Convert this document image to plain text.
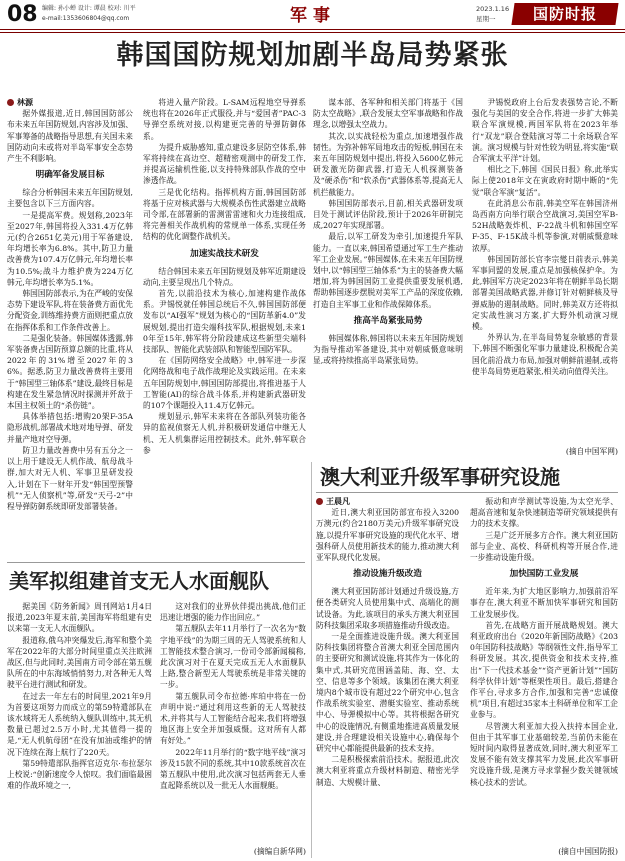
08 编辑: 孙小蝉 设计: 谭晨 校对: 川平
e-mail:1353606804@qq.com	军 事	2023.1.16
星期一	国防时报
韩国国防规划加剧半岛局势紧张

林源

据外媒报道,近日,韩国国防部公布未来五年国防规划,内容涉及加强、军事筹备的战略指导思想,有关国未来国防动向未或将对半岛军事安全态势产生不利影响。

明确军备发展目标

综合分析韩国未来五年国防规划,主要包含以下三方面内容。

一是提高军费。规划称,2023年至2027年,韩国将投入331.4万亿韩元(约合2651亿美元)用于军备建设,年均增长率为6.8%。其中,防卫力量改善费为107.4万亿韩元,年均增长率为10.5%;战斗力维护费为224万亿韩元,年均增长率为5.1%。

韩国国防部表示,为在严峻的安保态势下建设军队,将在装备费方面优先分配资金,训练维持费方面则把重点放在指挥体系和工作条件改善上。

二是强化装备。韩国媒体透露,韩军装备费占国防预算总额的比重,将从2022年的31%增至2027年的36%。据悉,防卫力量改善费将主要用于“韩国型三轴体系”建设,最终目标是构建在发生紧急情况时探测并歼敌于本国主权领土的“杀伤链”。

具体举措包括:增购20架F-35A隐形战机,部署战术地对地导弹、研发并量产地对空导弹。

防卫力量改善费中另有五分之一以上用于建设无人机作战、航母战斗群,加大对无人机、军事卫星研发投入,计划在下一财年开发“韩国型预警机”“无人侦察机”等,研发“天弓-2”中程导弹防御系统即研发部署装备。

将进入量产阶段。L-SAM远程地空导弹系统也将在2026年正式服役,并与“爱国者”PAC-3导弹空系统对接,以构建更完善的导弹防御体系。

为提升威胁感知,重点建设多层防空体系,韩军将持续在高边空、超精密观测中的研发工作,并提高运输机性能,以支持特殊部队作战的空中渗透作战。

三是优化结构。指挥机构方面,韩国国防部将基于应对核武器与大规模杀伤性武器建立战略司令部,在部署新的雷测雷雷速和火力连接组成,将完善相关作战机构的常规单一体系,实现任务结构的优化调整作战机关。

加速实战技术研发

结合韩国未来五年国防规划及韩军近期建设动向,主要呈现出几个特点。

首先,以前沿技术为核心,加速构建作战体系。尹锡悦就任韩国总统后不久,韩国国防部便发布以“AI强军”规划为核心的“国防革新4.0”发展规划,提出打造尖端科技军队,根据规划,未来10年至15年,韩军将分阶段建成这些新型尖端科技部队、智能化武装部队和智能型国防军队。

在《国防网络安全战略》中,韩军进一步深化网络战和电子战作战理论及实践运用。在未来五年国防规划中,韩国国防部提出,将推进基于人工智能(AI)的综合战斗体系,并构建新武器研发的107个课题投入11.4万亿韩元。

规划显示,韩军未来将在各部队列装功能各异的监视侦察无人机,并积极研发通信中继无人机、无人机集群运用控制技术。此外,韩军联合参

谋本部、各军种和相关部门将基于《国防太空战略》,联合发展太空军事战略和作战理念,以增强太空战力。

其次,以实战轻松为重点,加速增强作战韧性。为弥补韩军局地攻击的短板,韩国在未来五年国防规划中提出,将投入5600亿韩元研发激光防御武器,打造无人机探测装备及“硬杀伤”和“软杀伤”武器体系等,提高无人机拦截能力。

韩国国防部表示,目前,相关武器研发项目处于测试评估阶段,预计于2026年研制完成,2027年实现部署。

最后,以军工研发为牵引,加速提升军队能力。一直以来,韩国希望通过军工生产推动军工企业发展。”韩国媒体,在未来五年国防规划中,以“韩国型三轴体系”为主的装备费大幅增加,将为韩国国防工业提供重要发展机遇,帮助韩国逐步摆脱对美军工产品的深度依赖,打造自主军事工业和作战保障体系。

推高半岛紧张局势

韩国媒体称,韩国将以未来五年国防规划为指导推动军备建设,其中对朝威慑意味明显,或将持续推高半岛紧张局势。

尹锡悦政府上台后发表强势言论,不断强化与美国的安全合作,将进一步扩大韩美联合军演规模,两国军队将在2023年举行“双龙”联合登陆演习等二十余场联合军演。演习规模与针对性较为明显,将实施“联合军演太平洋”计划。

相比之下,韩国《国民日报》称,此举实际上使2018年文在寅政府时期中断的“先觉”联合军演“复活”。

在此消息公布前,韩美空军在韩国济州岛西南方向举行联合空战演习,美国空军B-52H战略轰炸机、F-22战斗机和韩国空军F-35、F-15K战斗机等参演,对朝威慑意味浓厚。

韩国国防部长官李宗燮日前表示,韩美军事同盟的发展,重点是加强核保护伞。为此,韩国军方决定2023年将在朝鲜半岛长期部署美国战略武器,并修订针对朝鲜核及导弹威胁的遏制战略。同时,韩美双方还将拟定实战性演习方案,扩大野外机动演习规模。

外界认为,在半岛局势复杂敏感的背景下,韩国不断强化军事力量建设,积极配合美国化前沿战力布局,加强对朝鲜前遏制,或将使半岛局势更趋紧张,相关动向值得关注。

(摘自中国军网)

澳大利亚升级军事研究设施

王晨凡

近日,澳大利亚国防部宣布投入3200万澳元(约合2180万美元)升级军事研究设施,以提升军事研究设施的现代化水平、增强科研人员使用新技术的能力,推动澳大利亚军队现代化发展。

推动设施升级改造

澳大利亚国防部计划通过升级设施,方便各类研究人员使用集中式、高端化的测试设备。为此,该项目的承头方澳大利亚国防科技集团采取多项措施推动升级改造。

一是全面推进设施升级。澳大利亚国防科技集团将整合首澳大利亚全国范围内的主要研究和测试设施,将其作为一体化的集中式,其研究范围涵盖陆、海、空、太空、信息等多个领域。该集团在澳大利亚境内8个城市设有超过22个研究中心,包含作战系统实验室、潜艇实验室、推动系统中心、导弹模拟中心等。其将根据各研究中心的设施情况,有侧重地推进高质量发展建设,并合理建设相关设施中心,确保每个研究中心都能提供最新的技术支持。

二是积极探索前沿技术。据报道,此次澳大利亚将重点升级材料制造、精密光学制造、大规模计量、

振动和声学测试等设施,为太空光学、超高音速和复杂快速制造等研究领域提供有力的技术支撑。

三是广泛开展多方合作。澳大利亚国防部与企业、高校、科研机构等开展合作,进一步推动设施升级。

加快国防工业发展

近年来,为扩大地区影响力,加强前沿军事存在,澳大利亚不断加快军事研究和国防工业发展步伐。

首先,在战略方面开展战略规划。澳大利亚政府出台《2020年新国防战略》《2030年国防科技战略》等纲领性文件,指导军工科研发展。其次,提供资金和技术支持,推出“下一代技术基金”“资产更新计划”“国防科学伙伴计划”等框架性项目。最后,搭建合作平台,寻求多方合作,加强和完善“忠诚僚机”项目,有超过35家本土科研单位和军工企业参与。

尽管澳大利亚加大投入扶持本国企业,但由于其军事工业基础较差,当前仍未能在短时间内取得显著成效,同时,澳大利亚军工发展不能有效支撑其军力发展,此次军事研究设施升级,是澳方寻求掌握少数关键领域核心技术的尝试。

(摘自中国国防报)

美军拟组建首支无人水面舰队

据美国《防务新闻》周刊网站1月4日报道,2023年夏末前,美国海军将组建有史以来第一支无人水面舰队。

报道称,俄乌冲突爆发后,海军和整个美军在2022年的大部分时间里重点关注欧洲战区,但与此同时,美国南方司令部在第五舰队所在的中东海域悄悄努力,对各种无人驾驶平台进行测试和研发。

在过去一年左右的时间里,2021年9月为首要这项努力而成立的第59特遣部队在该水域将无人系统纳入舰队训练中,其无机数量已超过2.5万小时,尤其值得一提的是,“无人机航母团”在没有加油或维护的情况下连续在海上航行了220天。

第59特遣部队指挥官迈克尔·布拉瑟尔上校说:“创新速度令人惊叹。我们面临最困难的作战环境之一,

这对我们的业界伙伴提出挑战,他们正迅速让增强的能力作出回应。”

第五舰队去年11月举行了一次名为“数字地平线”的为期三周的无人驾驶系统和人工智能技术整合演习,一份司令部新闻稿称,此次演习对于在夏天完成五无人水面舰队上路,整合新型无人驾驶系统是非常关键的一步。

第五舰队司令布拉德·库珀中将在一份声明中说:“通过利用这些新的无人驾驶技术,并将其与人工智能结合起来,我们将增强地区海上安全并加强威慑。这对所有人都有好处。”

2022年11月举行的“数字地平线”演习涉及15款不同的系统,其中10款系统首次在第五舰队中使用,此次演习包括两套无人垂直起降系统以及一批无人水面舰艇。

(摘编自新华网)
